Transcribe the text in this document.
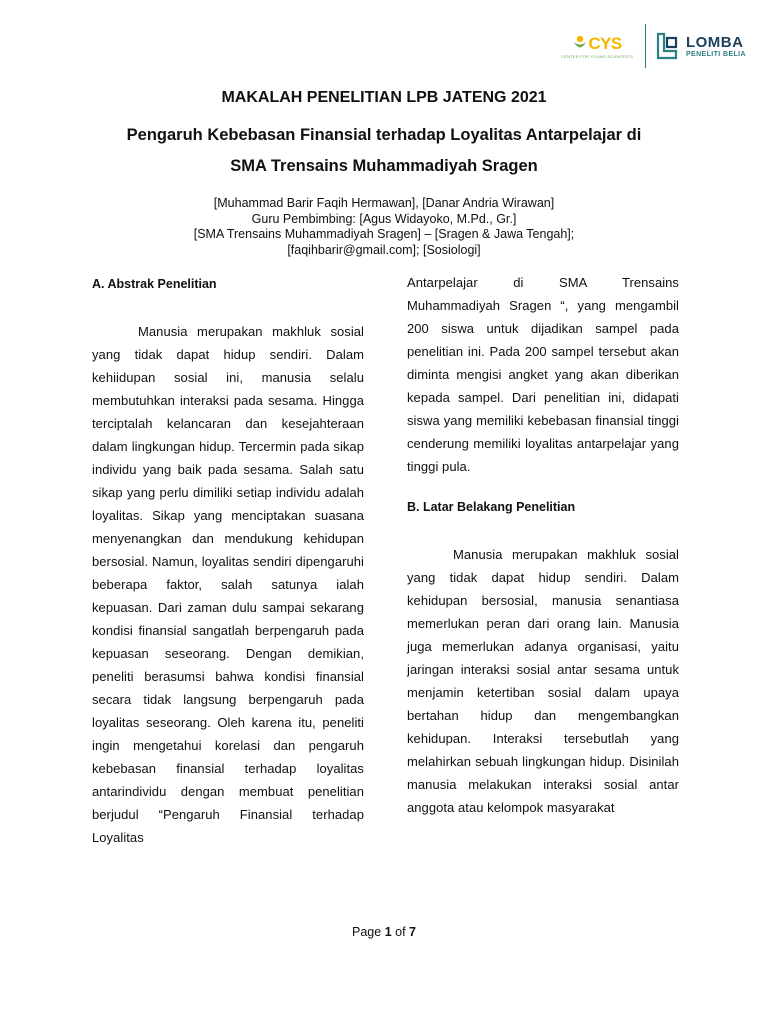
CYS
CENTER FOR YOUNG SCIENTISTS
LOMBA
PENELITI BELIA
MAKALAH PENELITIAN LPB JATENG 2021
Pengaruh Kebebasan Finansial terhadap Loyalitas Antarpelajar di
SMA Trensains Muhammadiyah Sragen
[Muhammad Barir Faqih Hermawan], [Danar Andria Wirawan]
Guru Pembimbing: [Agus Widayoko, M.Pd., Gr.]
[SMA Trensains Muhammadiyah Sragen] – [Sragen & Jawa Tengah];
[faqihbarir@gmail.com]; [Sosiologi]
A. Abstrak Penelitian

Manusia merupakan makhluk sosial yang tidak dapat hidup sendiri. Dalam kehiidupan sosial ini, manusia selalu membutuhkan interaksi pada sesama. Hingga terciptalah kelancaran dan kesejahteraan dalam lingkungan hidup. Tercermin pada sikap individu yang baik pada sesama. Salah satu sikap yang perlu dimiliki setiap individu adalah loyalitas. Sikap yang menciptakan suasana menyenangkan dan mendukung kehidupan bersosial. Namun, loyalitas sendiri dipengaruhi beberapa faktor, salah satunya ialah kepuasan. Dari zaman dulu sampai sekarang kondisi finansial sangatlah berpengaruh pada kepuasan seseorang. Dengan demikian, peneliti berasumsi bahwa kondisi finansial secara tidak langsung berpengaruh pada loyalitas seseorang. Oleh karena itu, peneliti ingin mengetahui korelasi dan pengaruh kebebasan finansial terhadap loyalitas antarindividu dengan membuat penelitian berjudul “Pengaruh Finansial terhadap Loyalitas

Antarpelajar di SMA Trensains Muhammadiyah Sragen “, yang mengambil 200 siswa untuk dijadikan sampel pada penelitian ini. Pada 200 sampel tersebut akan diminta mengisi angket yang akan diberikan kepada sampel. Dari penelitian ini, didapati siswa yang memiliki kebebasan finansial tinggi cenderung memiliki loyalitas antarpelajar yang tinggi pula.

B. Latar Belakang Penelitian

Manusia merupakan makhluk sosial yang tidak dapat hidup sendiri. Dalam kehidupan bersosial, manusia senantiasa memerlukan peran dari orang lain. Manusia juga memerlukan adanya organisasi, yaitu jaringan interaksi sosial antar sesama untuk menjamin ketertiban sosial dalam upaya bertahan hidup dan mengembangkan kehidupan. Interaksi tersebutlah yang melahirkan sebuah lingkungan hidup. Disinilah manusia melakukan interaksi sosial antar anggota atau kelompok masyarakat

Page 1 of 7
